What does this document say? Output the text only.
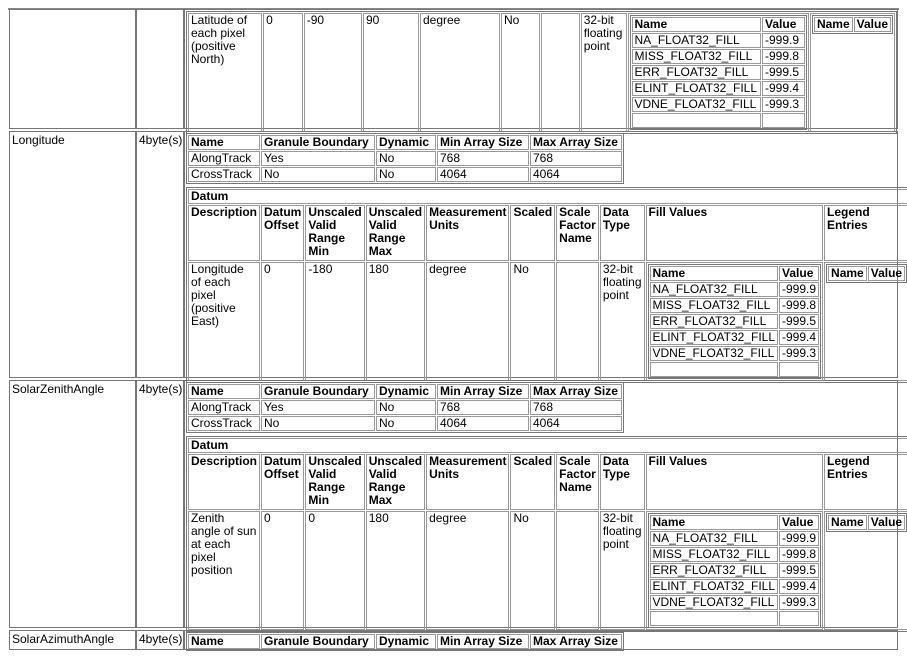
Latitude of each pixel (positive North)	0	-90	90	degree	No		32-bit floating point	
Name	Value
NA_FLOAT32_FILL	-999.9
MISS_FLOAT32_FILL	-999.8
ERR_FLOAT32_FILL	-999.5
ELINT_FLOAT32_FILL	-999.4
VDNE_FLOAT32_FILL	-999.3

Name	Value
Longitude	4byte(s) Name	Granule Boundary	Dynamic	Min Array Size	Max Array Size
AlongTrack	Yes	No	768	768
CrossTrack	No	No	4064	4064
Datum
Description	Datum Offset	Unscaled Valid Range Min	Unscaled Valid Range Max	Measurement Units	Scaled	Scale Factor Name	Data Type	Fill Values	Legend Entries
Longitude of each pixel (positive East)	0	-180	180	degree	No		32-bit floating point	
Name	Value
NA_FLOAT32_FILL	-999.9
MISS_FLOAT32_FILL	-999.8
ERR_FLOAT32_FILL	-999.5
ELINT_FLOAT32_FILL	-999.4
VDNE_FLOAT32_FILL	-999.3

Name	Value
SolarZenithAngle	4byte(s) Name	Granule Boundary	Dynamic	Min Array Size	Max Array Size
AlongTrack	Yes	No	768	768
CrossTrack	No	No	4064	4064
Datum
Description	Datum Offset	Unscaled Valid Range Min	Unscaled Valid Range Max	Measurement Units	Scaled	Scale Factor Name	Data Type	Fill Values	Legend Entries
Zenith angle of sun at each pixel position	0	0	180	degree	No		32-bit floating point	
Name	Value
NA_FLOAT32_FILL	-999.9
MISS_FLOAT32_FILL	-999.8
ERR_FLOAT32_FILL	-999.5
ELINT_FLOAT32_FILL	-999.4
VDNE_FLOAT32_FILL	-999.3

Name	Value
SolarAzimuthAngle	4byte(s) Name	Granule Boundary	Dynamic	Min Array Size	Max Array Size
